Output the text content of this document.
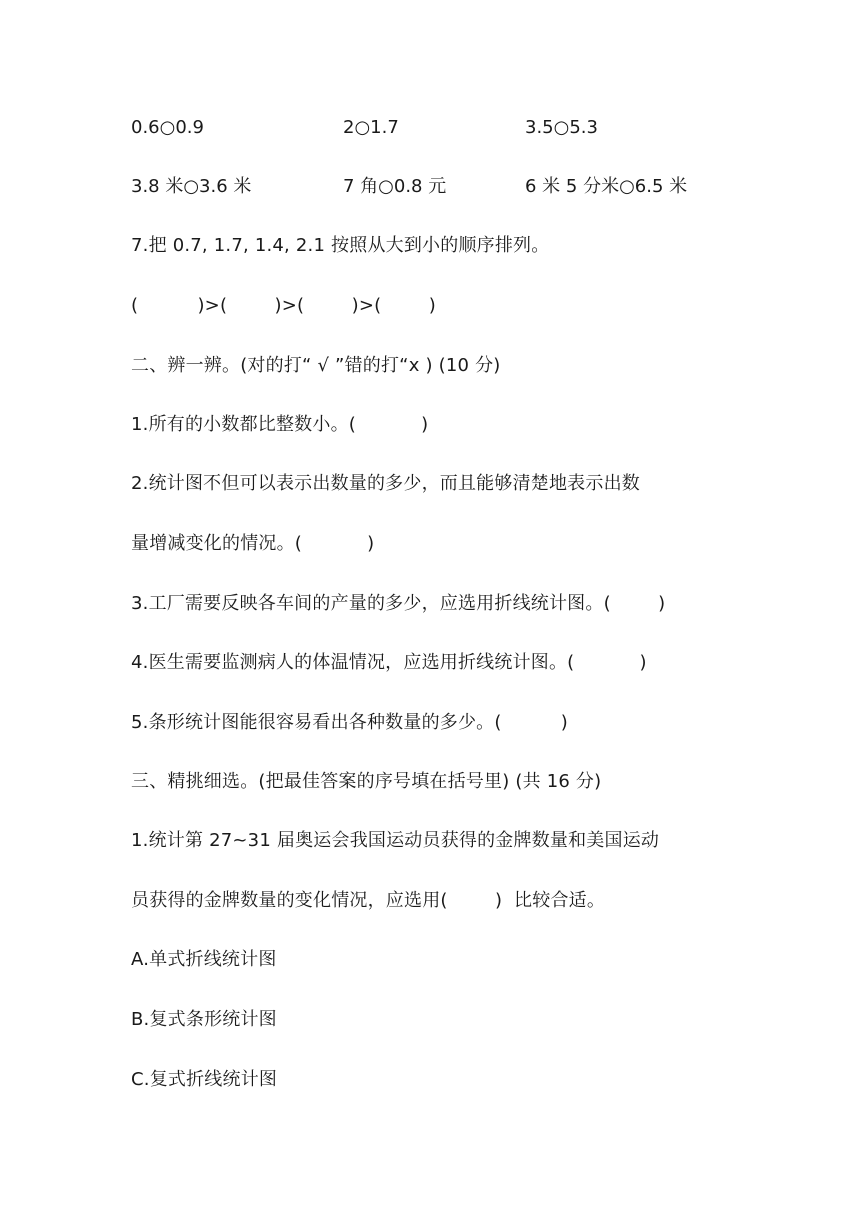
0.6○0.9	2○1.7	3.5○5.3
3.8 米○3.6 米	7 角○0.8 元	6 米 5 分米○6.5 米
7.把 0.7, 1.7, 1.4, 2.1 按照从大到小的顺序排列。
(          )>(        )>(        )>(        )
二、辨一辨。(对的打“ √ ”错的打“x ) (10 分)
1.所有的小数都比整数小。(           )
2.统计图不但可以表示出数量的多少，而且能够清楚地表示出数
量增减变化的情况。(           )
3.工厂需要反映各车间的产量的多少，应选用折线统计图。(        )
4.医生需要监测病人的体温情况，应选用折线统计图。(           )
5.条形统计图能很容易看出各种数量的多少。(          )
三、精挑细选。(把最佳答案的序号填在括号里) (共 16 分)
1.统计第 27~31 届奥运会我国运动员获得的金牌数量和美国运动
员获得的金牌数量的变化情况，应选用(        )  比较合适。
A.单式折线统计图
B.复式条形统计图
C.复式折线统计图
